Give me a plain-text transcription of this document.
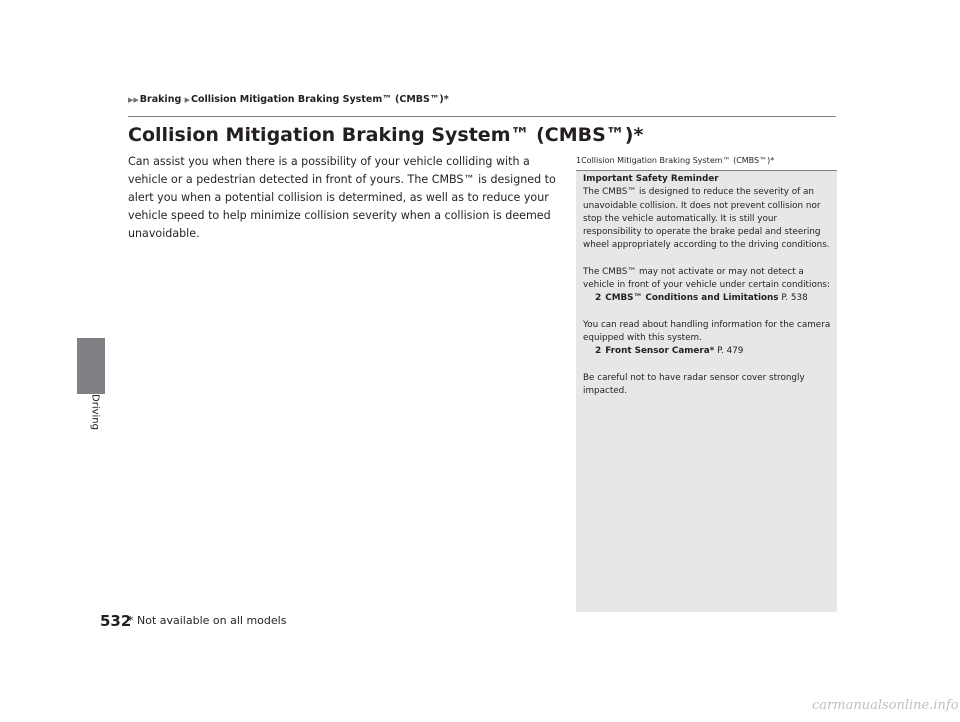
Driving
▶▶Braking ▶Collision Mitigation Braking System™ (CMBS™)*
Collision Mitigation Braking System™ (CMBS™)*

Can assist you when there is a possibility of your vehicle colliding with a vehicle or a pedestrian detected in front of yours. The CMBS™ is designed to alert you when a potential collision is determined, as well as to reduce your vehicle speed to help minimize collision severity when a collision is deemed unavoidable.

1Collision Mitigation Braking System™ (CMBS™)*

Important Safety Reminder

The CMBS™ is designed to reduce the severity of an unavoidable collision. It does not prevent collision nor stop the vehicle automatically. It is still your responsibility to operate the brake pedal and steering wheel appropriately according to the driving conditions.

The CMBS™ may not activate or may not detect a vehicle in front of your vehicle under certain conditions:

2 CMBS™ Conditions and Limitations P. 538

You can read about handling information for the camera equipped with this system.

2 Front Sensor Camera* P. 479

Be careful not to have radar sensor cover strongly impacted.

532
* Not available on all models
carmanualsonline.info
